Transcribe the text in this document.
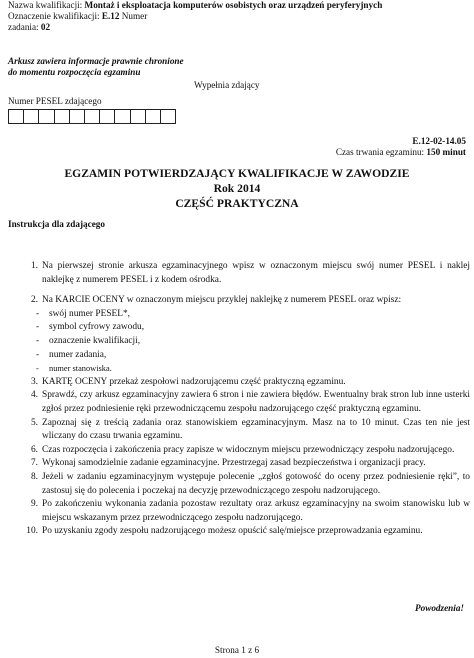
Nazwa kwalifikacji: Montaż i eksploatacja komputerów osobistych oraz urządzeń peryferyjnych
Oznaczenie kwalifikacji: E.12 Numer
zadania: 02
Arkusz zawiera informacje prawnie chronione
do momentu rozpoczęcia egzaminu
Wypełnia zdający
Numer PESEL zdającego
E.12-02-14.05
Czas trwania egzaminu: 150 minut
EGZAMIN POTWIERDZAJĄCY KWALIFIKACJE W ZAWODZIE
Rok 2014
CZĘŚĆ PRAKTYCZNA
Instrukcja dla zdającego
1. Na pierwszej stronie arkusza egzaminacyjnego wpisz w oznaczonym miejscu swój numer PESEL i naklej naklejkę z numerem PESEL i z kodem ośrodka.
2. Na KARCIE OCENY w oznaczonym miejscu przyklej naklejkę z numerem PESEL oraz wpisz:
-	swój numer PESEL*,
-	symbol cyfrowy zawodu,
-	oznaczenie kwalifikacji,
-	numer zadania,
-	numer stanowiska.
3. KARTĘ OCENY przekaż zespołowi nadzorującemu część praktyczną egzaminu.
4. Sprawdź, czy arkusz egzaminacyjny zawiera 6 stron i nie zawiera błędów. Ewentualny brak stron lub inne usterki zgłoś przez podniesienie ręki przewodniczącemu zespołu nadzorującego część praktyczną egzaminu.
5. Zapoznaj się z treścią zadania oraz stanowiskiem egzaminacyjnym. Masz na to 10 minut. Czas ten nie jest wliczany do czasu trwania egzaminu.
6. Czas rozpoczęcia i zakończenia pracy zapisze w widocznym miejscu przewodniczący zespołu nadzorującego.
7. Wykonaj samodzielnie zadanie egzaminacyjne. Przestrzegaj zasad bezpieczeństwa i organizacji pracy.
8. Jeżeli w zadaniu egzaminacyjnym występuje polecenie „zgłoś gotowość do oceny przez podniesienie ręki”, to zastosuj się do polecenia i poczekaj na decyzję przewodniczącego zespołu nadzorującego.
9. Po zakończeniu wykonania zadania pozostaw rezultaty oraz arkusz egzaminacyjny na swoim stanowisku lub w miejscu wskazanym przez przewodniczącego zespołu nadzorującego.
10. Po uzyskaniu zgody zespołu nadzorującego możesz opuścić salę/miejsce przeprowadzania egzaminu.
Powodzenia!
Strona 1 z 6
